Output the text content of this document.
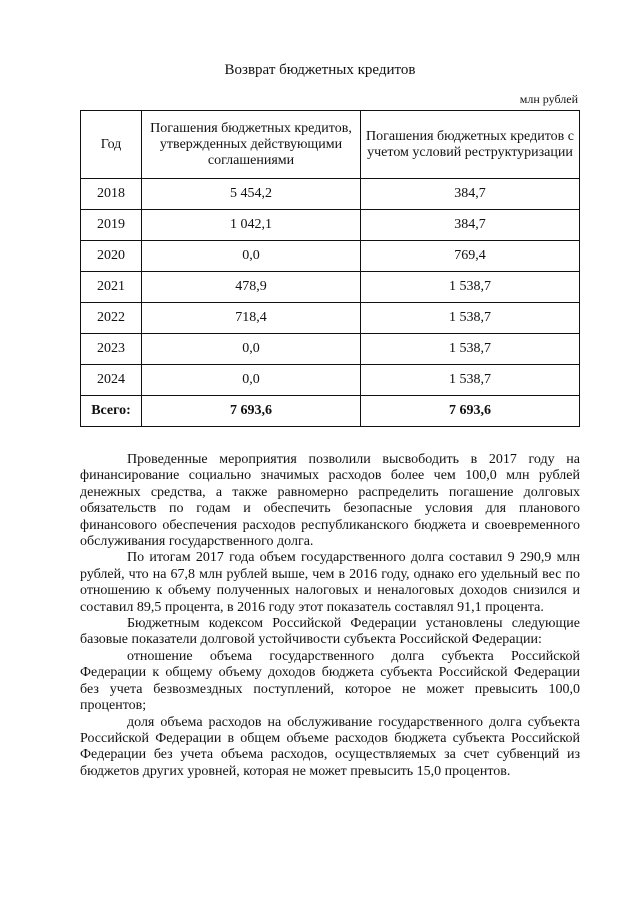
Возврат бюджетных кредитов
млн рублей
Год	Погашения бюджетных кредитов, утвержденных действующими соглашениями	Погашения бюджетных кредитов с учетом условий реструктуризации
2018	5 454,2	384,7
2019	1 042,1	384,7
2020	0,0	769,4
2021	478,9	1 538,7
2022	718,4	1 538,7
2023	0,0	1 538,7
2024	0,0	1 538,7
Всего:	7 693,6	7 693,6

Проведенные мероприятия позволили высвободить в 2017 году на финансирование социально значимых расходов более чем 100,0 млн рублей денежных средства, а также равномерно распределить погашение долговых обязательств по годам и обеспечить безопасные условия для планового финансового обеспечения расходов республиканского бюджета и своевременного обслуживания государственного долга.

По итогам 2017 года объем государственного долга составил 9 290,9 млн рублей, что на 67,8 млн рублей выше, чем в 2016 году, однако его удельный вес по отношению к объему полученных налоговых и неналоговых доходов снизился и составил 89,5 процента, в 2016 году этот показатель составлял 91,1 процента.

Бюджетным кодексом Российской Федерации установлены следующие базовые показатели долговой устойчивости субъекта Российской Федерации:

отношение объема государственного долга субъекта Российской Федерации к общему объему доходов бюджета субъекта Российской Федерации без учета безвозмездных поступлений, которое не может превысить 100,0 процентов;

доля объема расходов на обслуживание государственного долга субъекта Российской Федерации в общем объеме расходов бюджета субъекта Российской Федерации без учета объема расходов, осуществляемых за счет субвенций из бюджетов других уровней, которая не может превысить 15,0 процентов.
